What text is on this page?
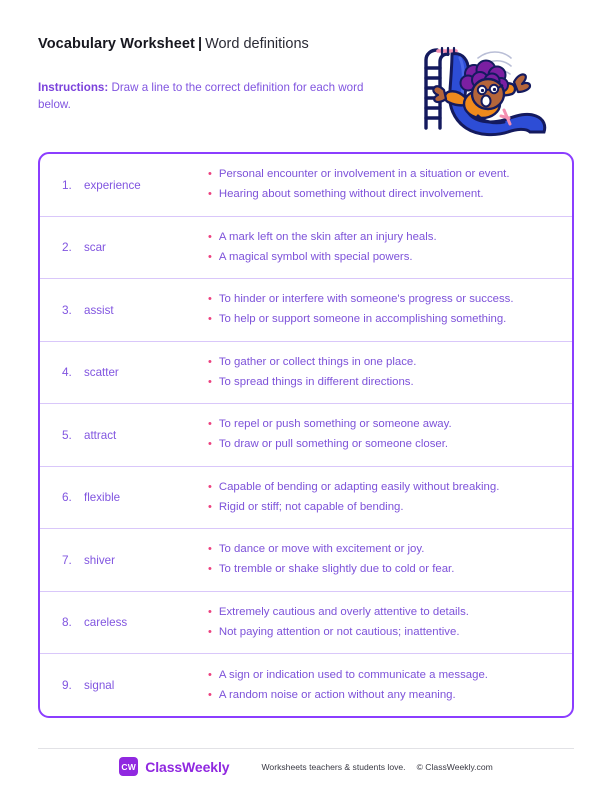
Vocabulary Worksheet | Word definitions
Instructions: Draw a line to the correct definition for each word below.
1.	experience
• Personal encounter or involvement in a situation or event.
• Hearing about something without direct involvement.
2.	scar
• A mark left on the skin after an injury heals.
• A magical symbol with special powers.
3.	assist
• To hinder or interfere with someone's progress or success.
• To help or support someone in accomplishing something.
4.	scatter
• To gather or collect things in one place.
• To spread things in different directions.
5.	attract
• To repel or push something or someone away.
• To draw or pull something or someone closer.
6.	flexible
• Capable of bending or adapting easily without breaking.
• Rigid or stiff; not capable of bending.
7.	shiver
• To dance or move with excitement or joy.
• To tremble or shake slightly due to cold or fear.
8.	careless
• Extremely cautious and overly attentive to details.
• Not paying attention or not cautious; inattentive.
9.	signal
• A sign or indication used to communicate a message.
• A random noise or action without any meaning.
CW ClassWeekly	Worksheets teachers & students love. © ClassWeekly.com
